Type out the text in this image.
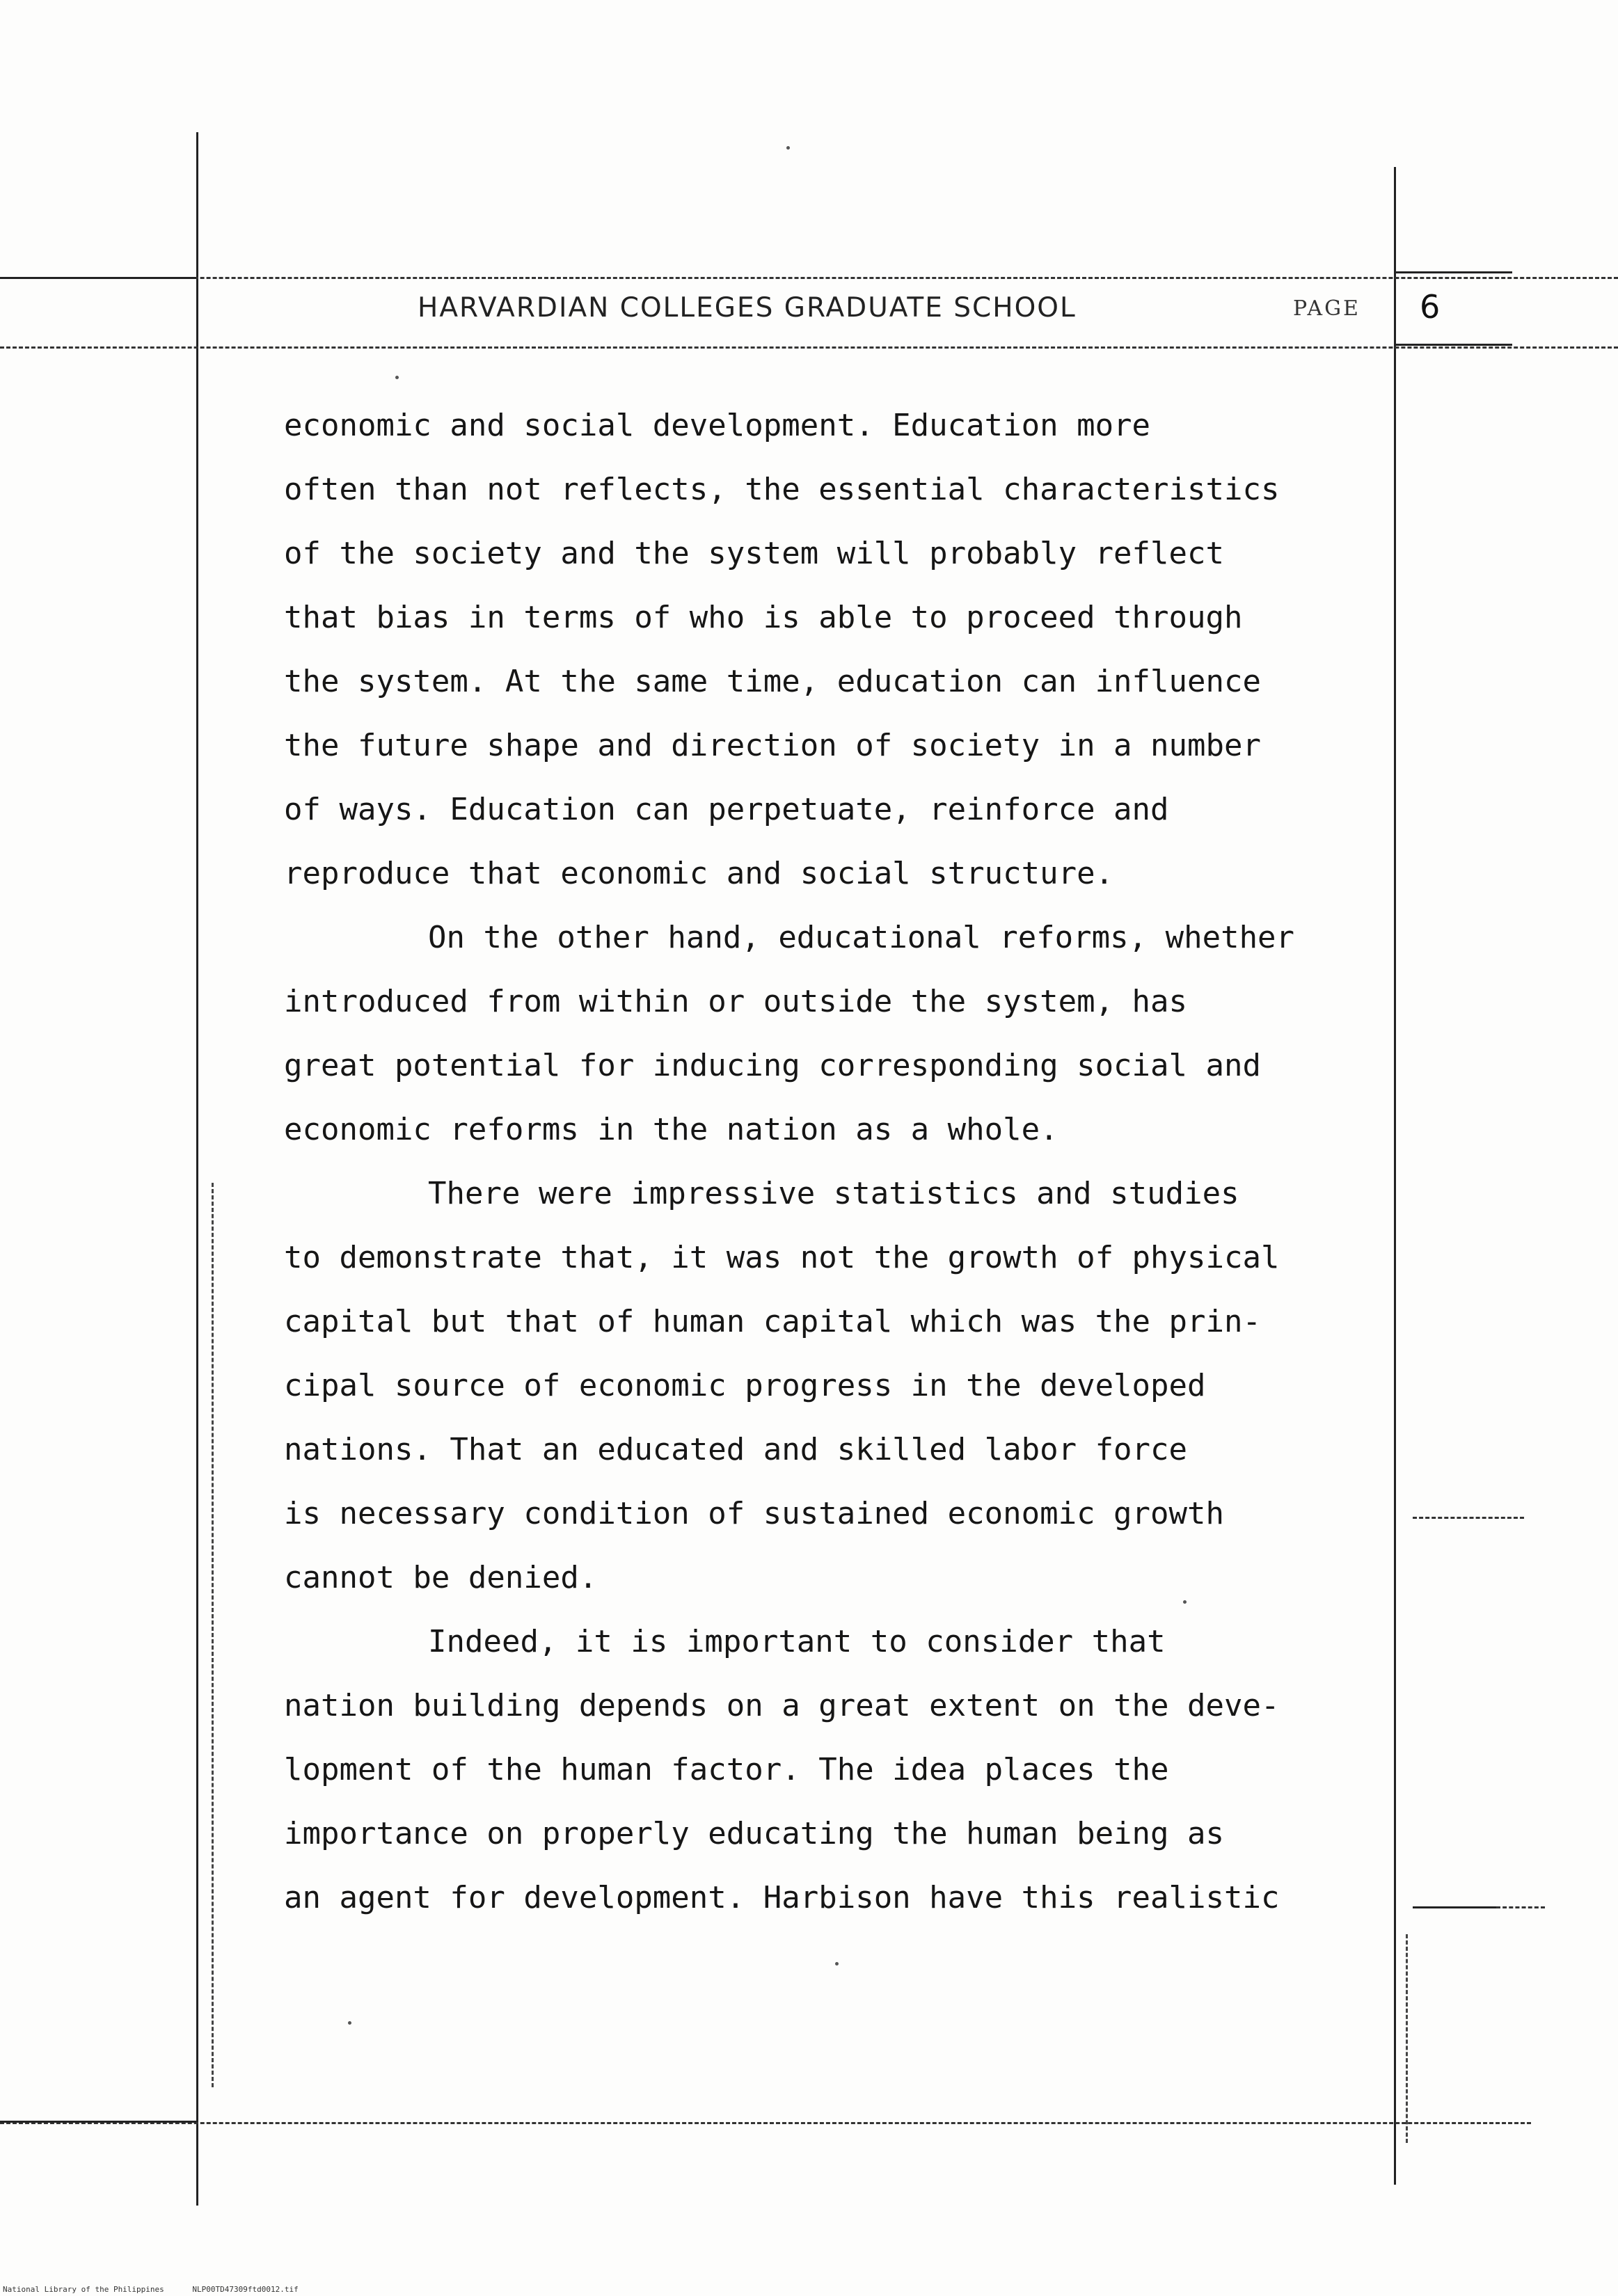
HARVARDIAN COLLEGES GRADUATE SCHOOL	PAGE 6
economic and social development. Education more
often than not reflects, the essential characteristics
of the society and the system will probably reflect
that bias in terms of who is able to proceed through
the system. At the same time, education can influence
the future shape and direction of society in a number
of ways. Education can perpetuate, reinforce and
reproduce that economic and social structure.
On the other hand, educational reforms, whether
introduced from within or outside the system, has
great potential for inducing corresponding social and
economic reforms in the nation as a whole.
There were impressive statistics and studies
to demonstrate that, it was not the growth of physical
capital but that of human capital which was the prin-
cipal source of economic progress in the developed
nations. That an educated and skilled labor force
is necessary condition of sustained economic growth
cannot be denied.
Indeed, it is important to consider that
nation building depends on a great extent on the deve-
lopment of the human factor. The idea places the
importance on properly educating the human being as
an agent for development. Harbison have this realistic
National Library of the Philippines	NLP00TD47309ftd0012.tif
